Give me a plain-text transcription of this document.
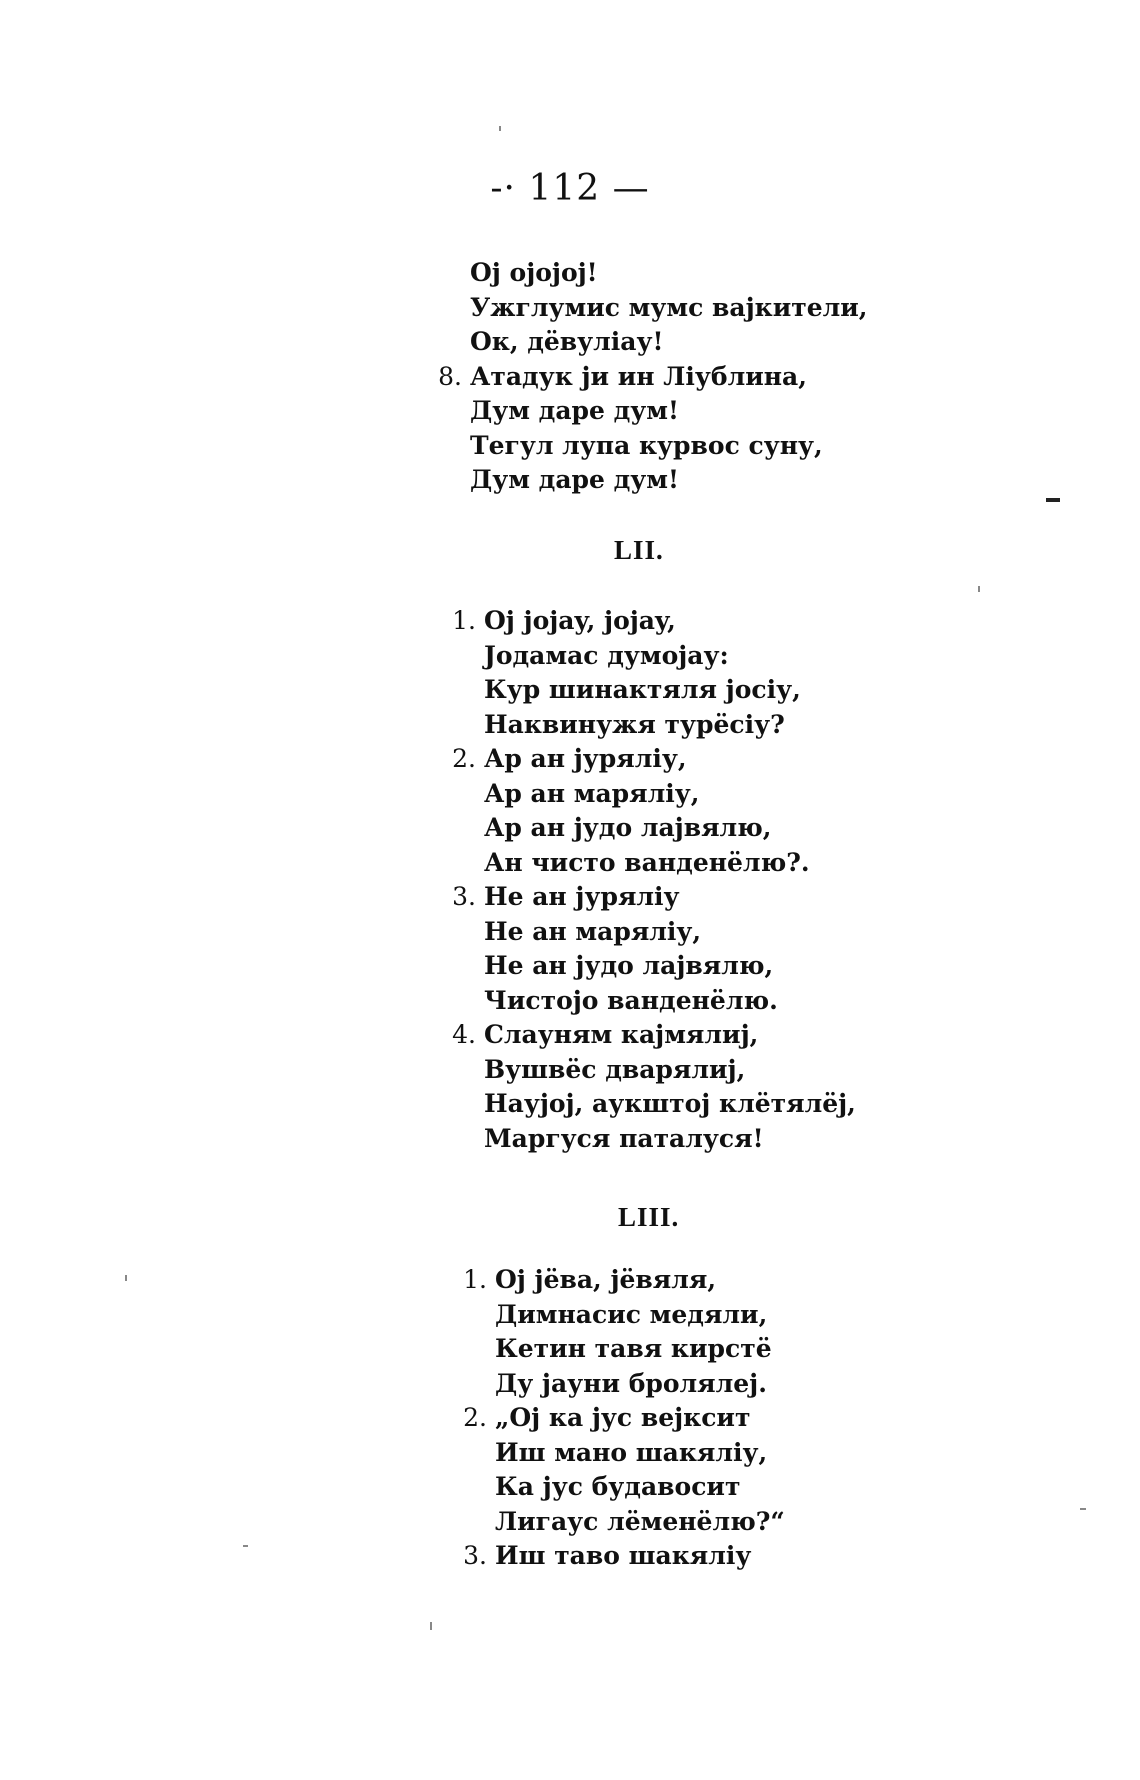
-· 112 —
Oj ojojoj!
Ужглумис мумс вајкители,
Ок, дёвулiау!
8. Атадук ји ин Лiублина,
Дум даре дум!
Тегул лупа курвос суну,
Дум даре дум!
LII.
1. Oj jojay, jojay,
Јодамас думојау:
Кур шинактяля јосiу,
Наквинужя турёсiу?
2. Ар ан јурялiу,
Ар ан марялiу,
Ар ан јудо лајвялю,
Ан чисто ванденёлю?.
3. Не ан јурялiу
Не ан марялiу,
Не ан јудо лајвялю,
Чистојо ванденёлю.
4. Слауням кајмялиј,
Вушвёс двaрялиј,
Наујој, аукштој клётялёј,
Маргуся паталуся!
LIII.
1. Oj jёва, jёвяля,
Димнасис медяли,
Кетин тавя кирстё
Ду јауни бролялеј.
2. „Oj ка јус вејксит
Иш мано шакялiу,
Ка јус будавосит
Лигаус лёменёлю?“
3. Иш таво шакялiу
